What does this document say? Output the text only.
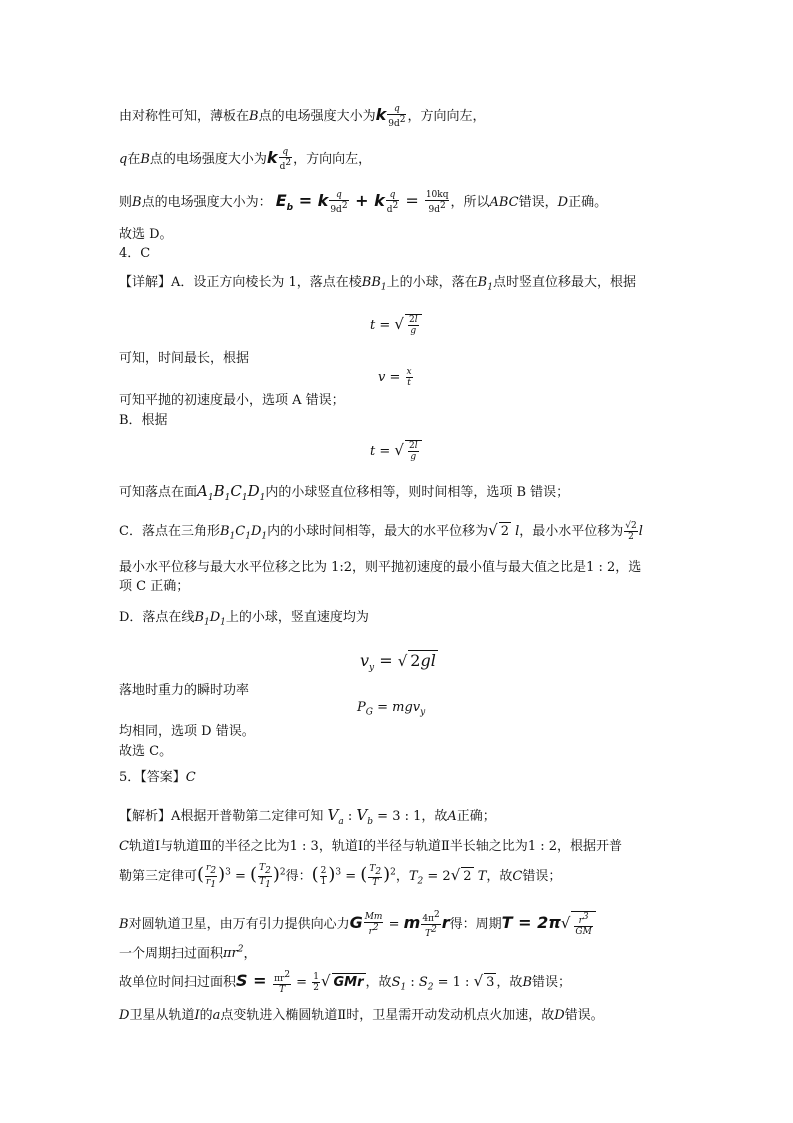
由对称性可知，薄板在B点的电场强度大小为k $\frac{q}{9d^2}$ ，方向向左，
q在B点的电场强度大小为k $\frac{q}{d^2}$ ，方向向左，
则B点的电场强度大小为： $E_b = k \frac{q}{9d^2} + k \frac{q}{d^2} = \frac{10kq}{9d^2}$ ，所以ABC错误，D正确。
故选 D。
4．C
【详解】A．设正方向棱长为 1，落点在棱$BB_1$上的小球，落在$B_1$点时竖直位移最大，根据
t = √ $\frac{2l}{g}$
可知，时间最长，根据
$v = \frac{x}{t}$
可知平抛的初速度最小，选项 A 错误；
B．根据
t = √ $\frac{2l}{g}$
可知落点在面$A_1B_1C_1D_1$内的小球竖直位移相等，则时间相等，选项 B 错误；
C．落点在三角形$B_1C_1D_1$内的小球时间相等，最大的水平位移为√ 2 l，最小水平位移为 $\frac{√2}{2}$ l
最小水平位移与最大水平位移之比为 1:2，则平抛初速度的最小值与最大值之比是1 : 2，选
项 C 正确；
D．落点在线$B_1D_1$上的小球，竖直速度均为
$v_y$ = √ 2gl
落地时重力的瞬时功率
$P_G = mgv_y$
均相同，选项 D 错误。
故选 C。
5．【答案】C
【解析】A根据开普勒第二定律可知 $V_a$ : $V_b = 3$ : 1，故A正确；
C轨道Ⅰ与轨道Ⅲ的半径之比为1 : 3，轨道Ⅰ的半径与轨道Ⅱ半长轴之比为1 : 2，根据开普
勒第三定律可( $\frac{r_2}{r_1} )^3$ = ( $\frac{T_2}{T_1} )^2$得：( $\frac{2}{1} )^3$ = ( $\frac{T_2}{T} )^2$，$T_2 = 2√$ 2 T，故C错误；
B对圆轨道卫星，由万有引力提供向心力G $\frac{Mm}{r^2} = m \frac{4\pi^2}{T^2}$ r得：周期$T = 2\pi√ \frac{r^3}{GM}$
一个周期扫过面积$\pi r^2$，
故单位时间扫过面积$S = \frac{\pi r^2}{T} = \frac{1}{2}$ √ GMr ，故$S_1$ : $S_2 = 1$ : √ 3 ，故B错误；
D卫星从轨道I的a点变轨进入椭圆轨道Ⅱ时，卫星需开动发动机点火加速，故D错误。
